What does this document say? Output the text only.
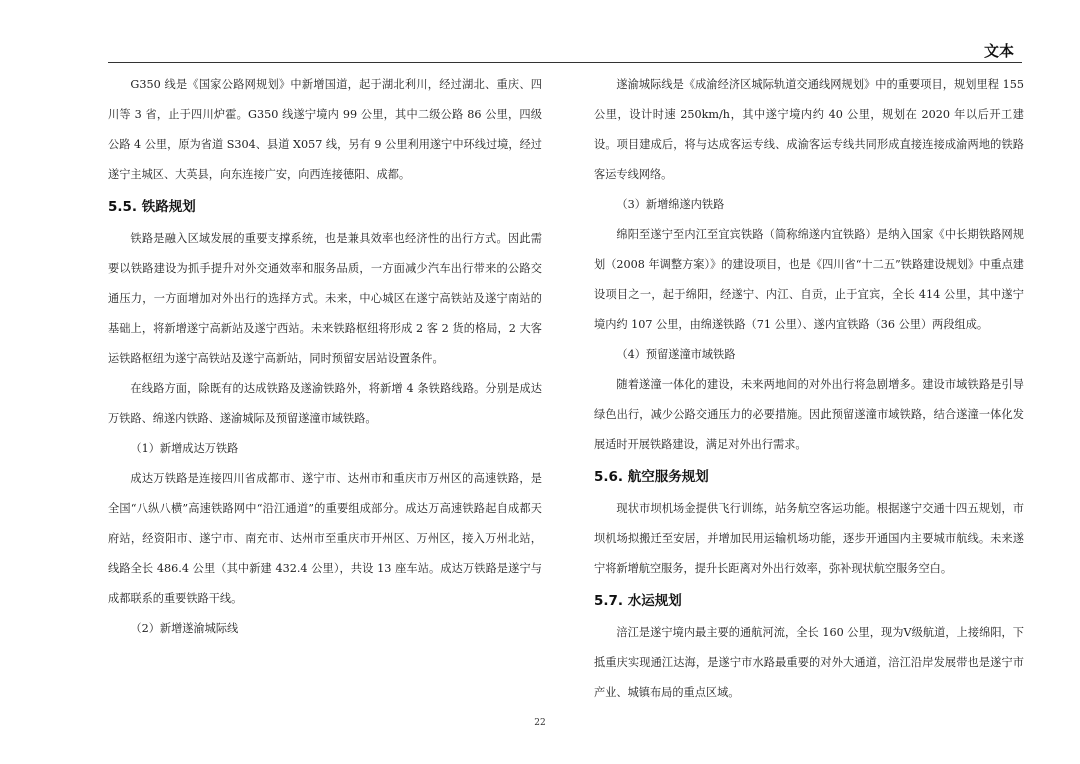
文本

G350 线是《国家公路网规划》中新增国道，起于湖北利川，经过湖北、重庆、四川等 3 省，止于四川炉霍。G350 线遂宁境内 99 公里，其中二级公路 86 公里，四级公路 4 公里，原为省道 S304、县道 X057 线，另有 9 公里利用遂宁中环线过境，经过遂宁主城区、大英县，向东连接广安，向西连接德阳、成都。

5.5. 铁路规划

铁路是融入区域发展的重要支撑系统，也是兼具效率也经济性的出行方式。因此需要以铁路建设为抓手提升对外交通效率和服务品质，一方面减少汽车出行带来的公路交通压力，一方面增加对外出行的选择方式。未来，中心城区在遂宁高铁站及遂宁南站的基础上，将新增遂宁高新站及遂宁西站。未来铁路枢纽将形成 2 客 2 货的格局，2 大客运铁路枢纽为遂宁高铁站及遂宁高新站，同时预留安居站设置条件。

在线路方面，除既有的达成铁路及遂渝铁路外，将新增 4 条铁路线路。分别是成达万铁路、绵遂内铁路、遂渝城际及预留遂潼市域铁路。

（1）新增成达万铁路

成达万铁路是连接四川省成都市、遂宁市、达州市和重庆市万州区的高速铁路，是全国“八纵八横”高速铁路网中“沿江通道”的重要组成部分。成达万高速铁路起自成都天府站，经资阳市、遂宁市、南充市、达州市至重庆市开州区、万州区，接入万州北站，线路全长 486.4 公里（其中新建 432.4 公里），共设 13 座车站。成达万铁路是遂宁与成都联系的重要铁路干线。

（2）新增遂渝城际线

遂渝城际线是《成渝经济区城际轨道交通线网规划》中的重要项目，规划里程 155 公里，设计时速 250km/h，其中遂宁境内约 40 公里，规划在 2020 年以后开工建设。项目建成后，将与达成客运专线、成渝客运专线共同形成直接连接成渝两地的铁路客运专线网络。

（3）新增绵遂内铁路

绵阳至遂宁至内江至宜宾铁路（简称绵遂内宜铁路）是纳入国家《中长期铁路网规划（2008 年调整方案）》的建设项目，也是《四川省“十二五”铁路建设规划》中重点建设项目之一，起于绵阳，经遂宁、内江、自贡，止于宜宾，全长 414 公里，其中遂宁境内约 107 公里，由绵遂铁路（71 公里）、遂内宜铁路（36 公里）两段组成。

（4）预留遂潼市域铁路

随着遂潼一体化的建设，未来两地间的对外出行将急剧增多。建设市域铁路是引导绿色出行，减少公路交通压力的必要措施。因此预留遂潼市域铁路，结合遂潼一体化发展适时开展铁路建设，满足对外出行需求。

5.6. 航空服务规划

现状市坝机场金提供飞行训练，站务航空客运功能。根据遂宁交通十四五规划，市坝机场拟搬迁至安居，并增加民用运输机场功能，逐步开通国内主要城市航线。未来遂宁将新增航空服务，提升长距离对外出行效率，弥补现状航空服务空白。

5.7. 水运规划

涪江是遂宁境内最主要的通航河流，全长 160 公里，现为Ⅴ级航道，上接绵阳，下抵重庆实现通江达海，是遂宁市水路最重要的对外大通道，涪江沿岸发展带也是遂宁市产业、城镇布局的重点区域。

22
